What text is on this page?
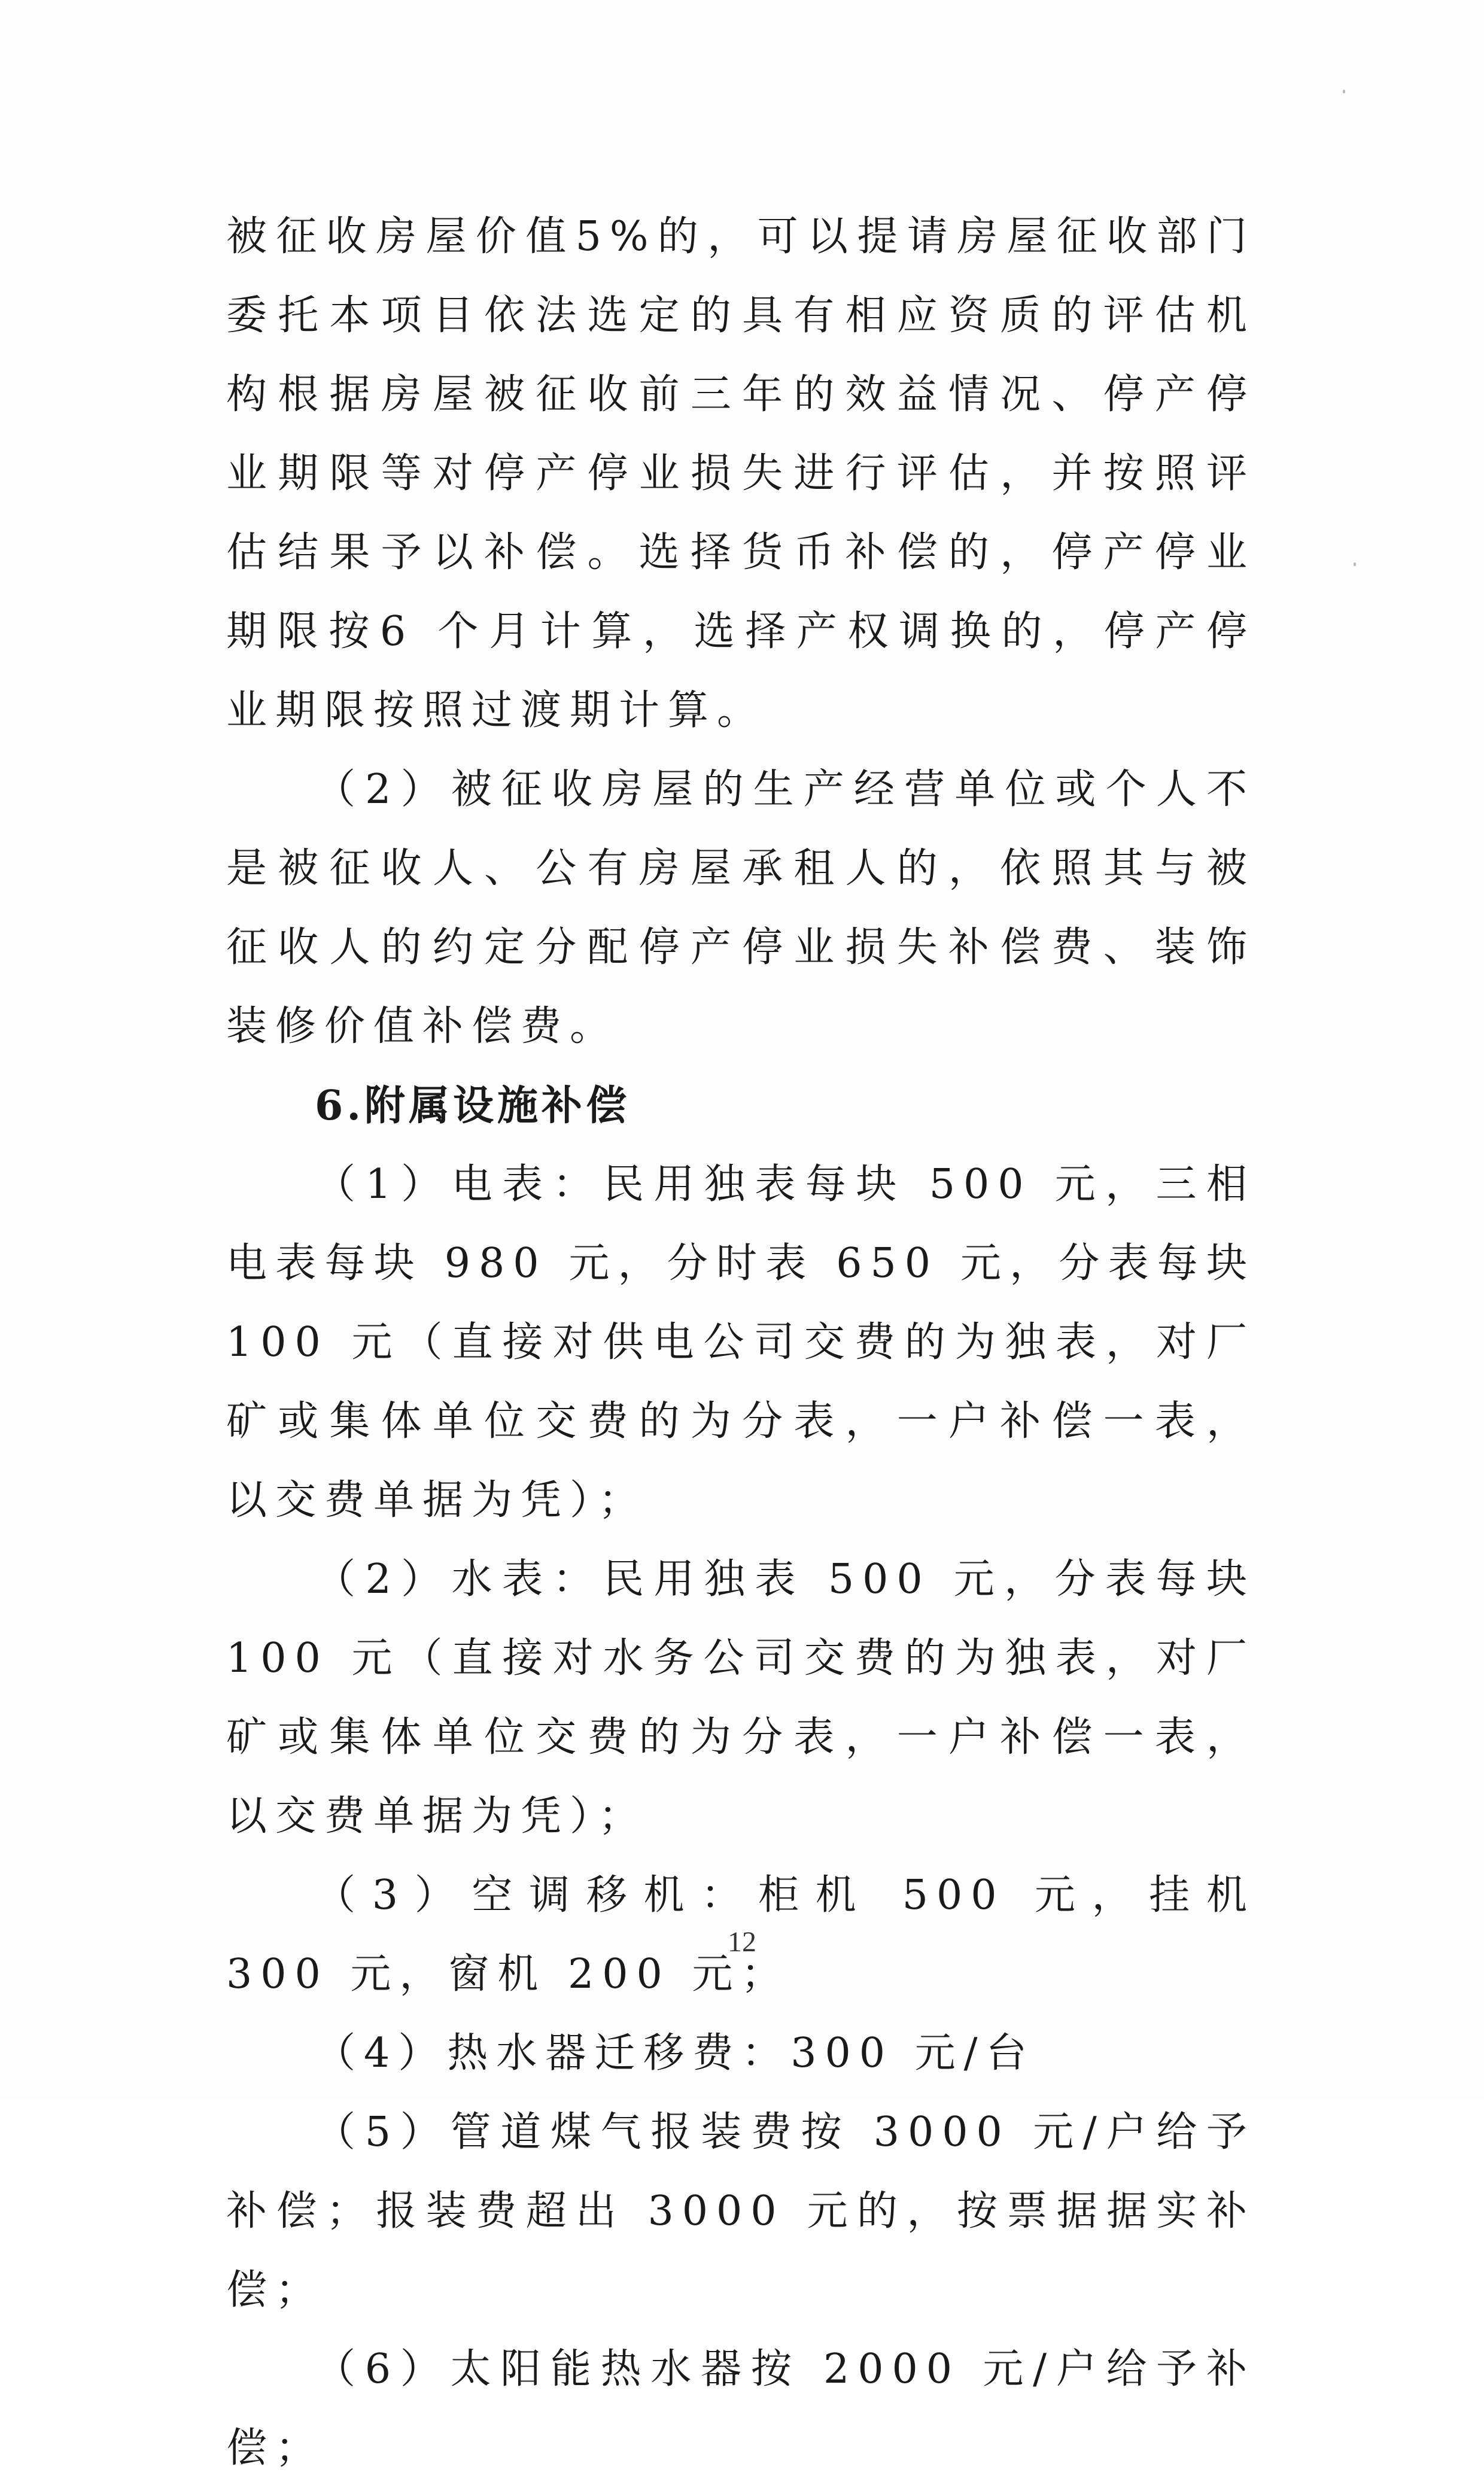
被征收房屋价值5%的，可以提请房屋征收部门委托本项目依法选定的具有相应资质的评估机构根据房屋被征收前三年的效益情况、停产停业期限等对停产停业损失进行评估，并按照评估结果予以补偿。选择货币补偿的，停产停业期限按6 个月计算，选择产权调换的，停产停业期限按照过渡期计算。

（2）被征收房屋的生产经营单位或个人不是被征收人、公有房屋承租人的，依照其与被征收人的约定分配停产停业损失补偿费、装饰装修价值补偿费。

6.附属设施补偿

（1）电表：民用独表每块 500 元，三相电表每块 980 元，分时表 650 元，分表每块 100 元（直接对供电公司交费的为独表，对厂矿或集体单位交费的为分表，一户补偿一表，以交费单据为凭）；

（2）水表：民用独表 500 元，分表每块 100 元（直接对水务公司交费的为独表，对厂矿或集体单位交费的为分表，一户补偿一表，以交费单据为凭）；

（3）空调移机：柜机 500 元，挂机 300 元，窗机 200 元；

（4）热水器迁移费：300 元/台

（5）管道煤气报装费按 3000 元/户给予补偿；报装费超出 3000 元的，按票据据实补偿；

（6）太阳能热水器按 2000 元/户给予补偿；

12
